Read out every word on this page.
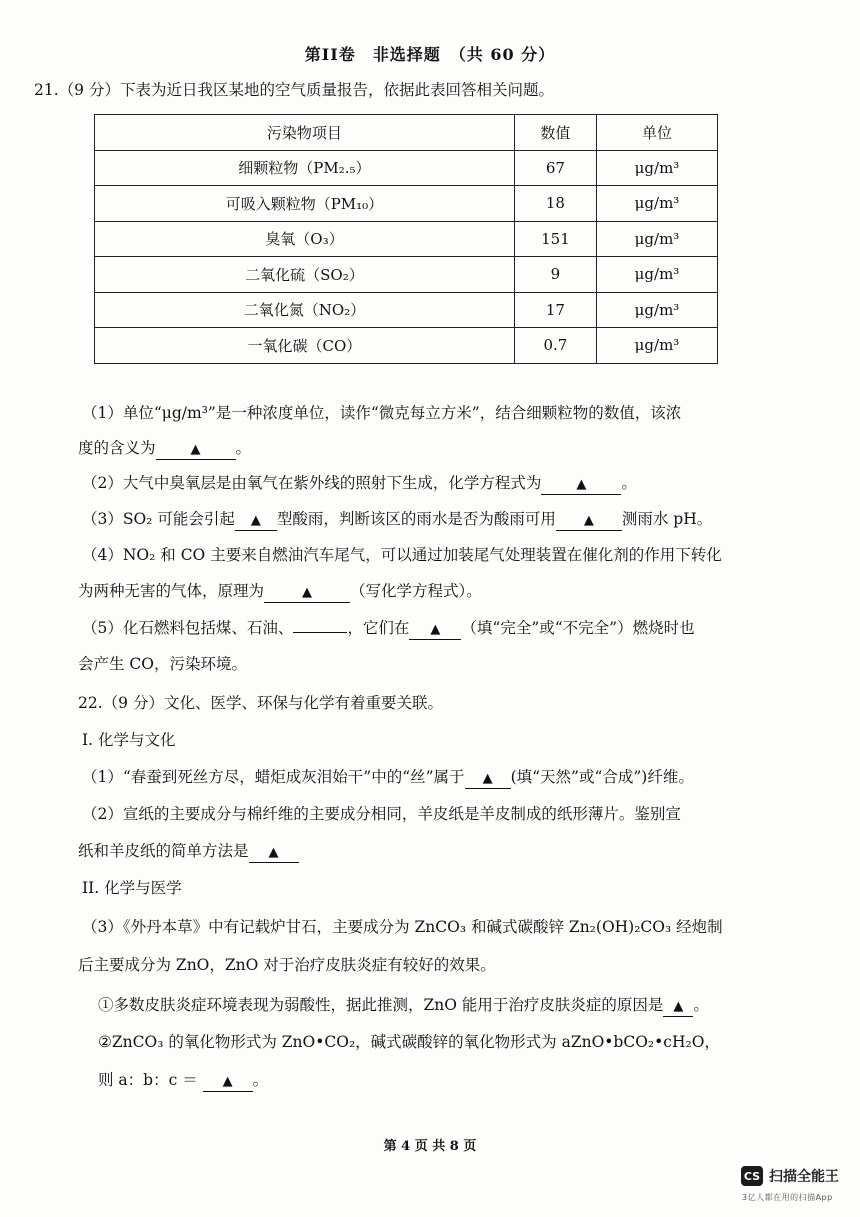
第II卷　非选择题　（共 60 分）
21.（9 分）下表为近日我区某地的空气质量报告，依据此表回答相关问题。
污染物项目	数值	单位
细颗粒物（PM₂.₅）	67	μg/m³
可吸入颗粒物（PM₁₀）	18	μg/m³
臭氧（O₃）	151	μg/m³
二氧化硫（SO₂）	9	μg/m³
二氧化氮（NO₂）	17	μg/m³
一氧化碳（CO）	0.7	μg/m³
（1）单位“μg/m³”是一种浓度单位，读作“微克每立方米”，结合细颗粒物的数值，该浓
度的含义为	▲ 。
（2）大气中臭氧层是由氧气在紫外线的照射下生成，化学方程式为	▲ 。
（3）SO₂ 可能会引起 ▲ 型酸雨，判断该区的雨水是否为酸雨可用 ▲ 测雨水 pH。
（4）NO₂ 和 CO 主要来自燃油汽车尾气，可以通过加装尾气处理装置在催化剂的作用下转化
为两种无害的气体，原理为	▲ （写化学方程式）。
（5）化石燃料包括煤、石油、	，它们在 ▲ （填“完全”或“不完全”）燃烧时也
会产生 CO，污染环境。
22.（9 分）文化、医学、环保与化学有着重要关联。
I. 化学与文化
（1）“春蚕到死丝方尽，蜡炬成灰泪始干”中的“丝”属于 ▲ (填“天然”或“合成”)纤维。
（2）宣纸的主要成分与棉纤维的主要成分相同，羊皮纸是羊皮制成的纸形薄片。鉴别宣
纸和羊皮纸的简单方法是 ▲
II. 化学与医学
（3）《外丹本草》中有记载炉甘石，主要成分为 ZnCO₃ 和碱式碳酸锌 Zn₂(OH)₂CO₃ 经炮制
后主要成分为 ZnO，ZnO 对于治疗皮肤炎症有较好的效果。
①多数皮肤炎症环境表现为弱酸性，据此推测，ZnO 能用于治疗皮肤炎症的原因是 ▲ 。
②ZnCO₃ 的氧化物形式为 ZnO•CO₂，碱式碳酸锌的氧化物形式为 aZnO•bCO₂•cH₂O，
则 a：b：c ＝ ▲ 。
第 4 页 共 8 页
CS 扫描全能王
3亿人都在用的扫描App
